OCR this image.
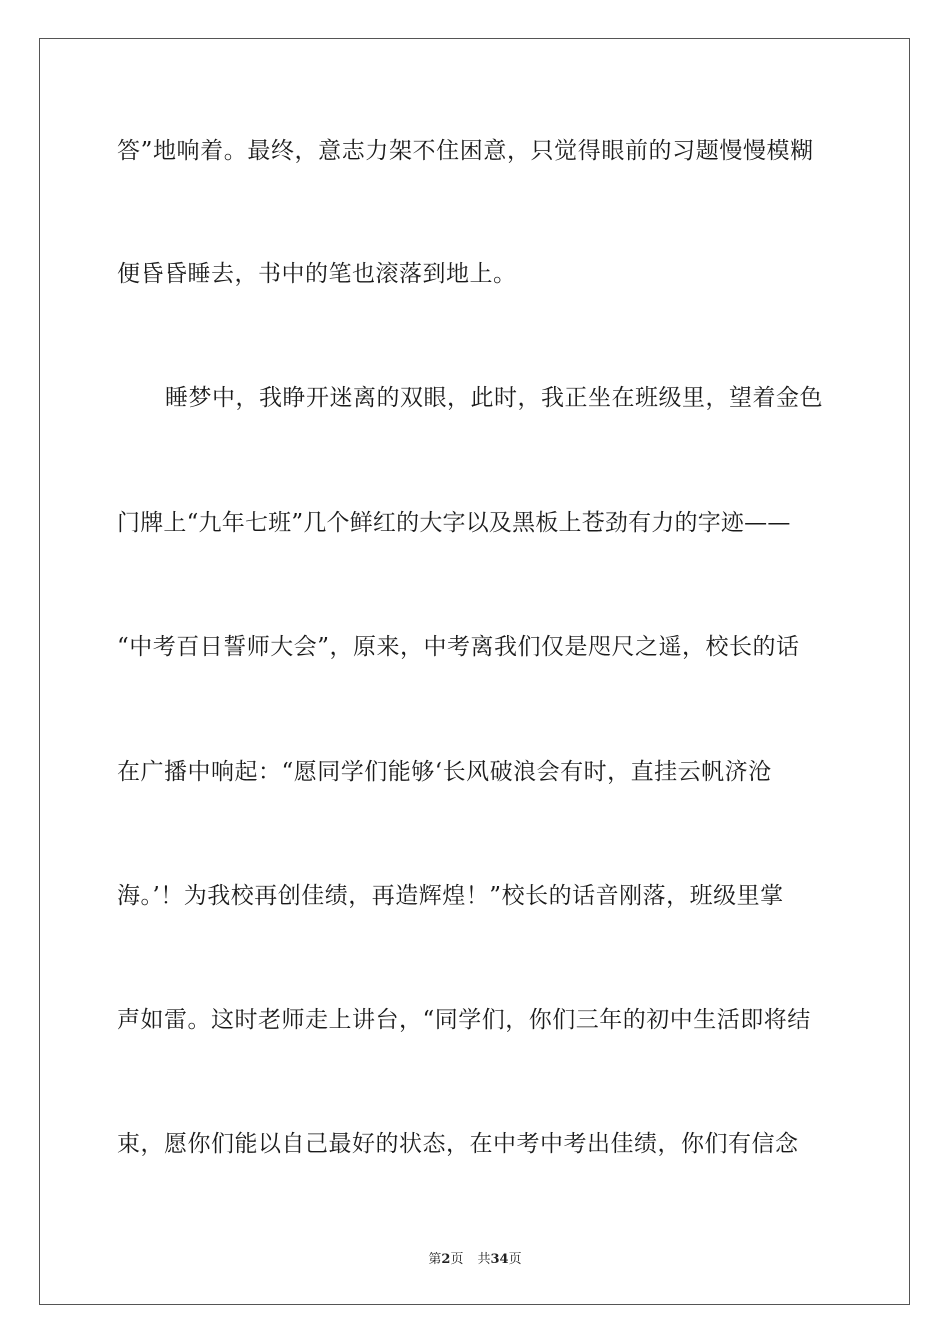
答”地响着。最终，意志力架不住困意，只觉得眼前的习题慢慢模糊
便昏昏睡去，书中的笔也滚落到地上。
睡梦中，我睁开迷离的双眼，此时，我正坐在班级里，望着金色
门牌上“九年七班”几个鲜红的大字以及黑板上苍劲有力的字迹——
“中考百日誓师大会”，原来，中考离我们仅是咫尺之遥，校长的话
在广播中响起：“愿同学们能够‘长风破浪会有时，直挂云帆济沧
海。’！为我校再创佳绩，再造辉煌！”校长的话音刚落，班级里掌
声如雷。这时老师走上讲台，“同学们，你们三年的初中生活即将结
束，愿你们能以自己最好的状态，在中考中考出佳绩，你们有信念
第2页 共34页
